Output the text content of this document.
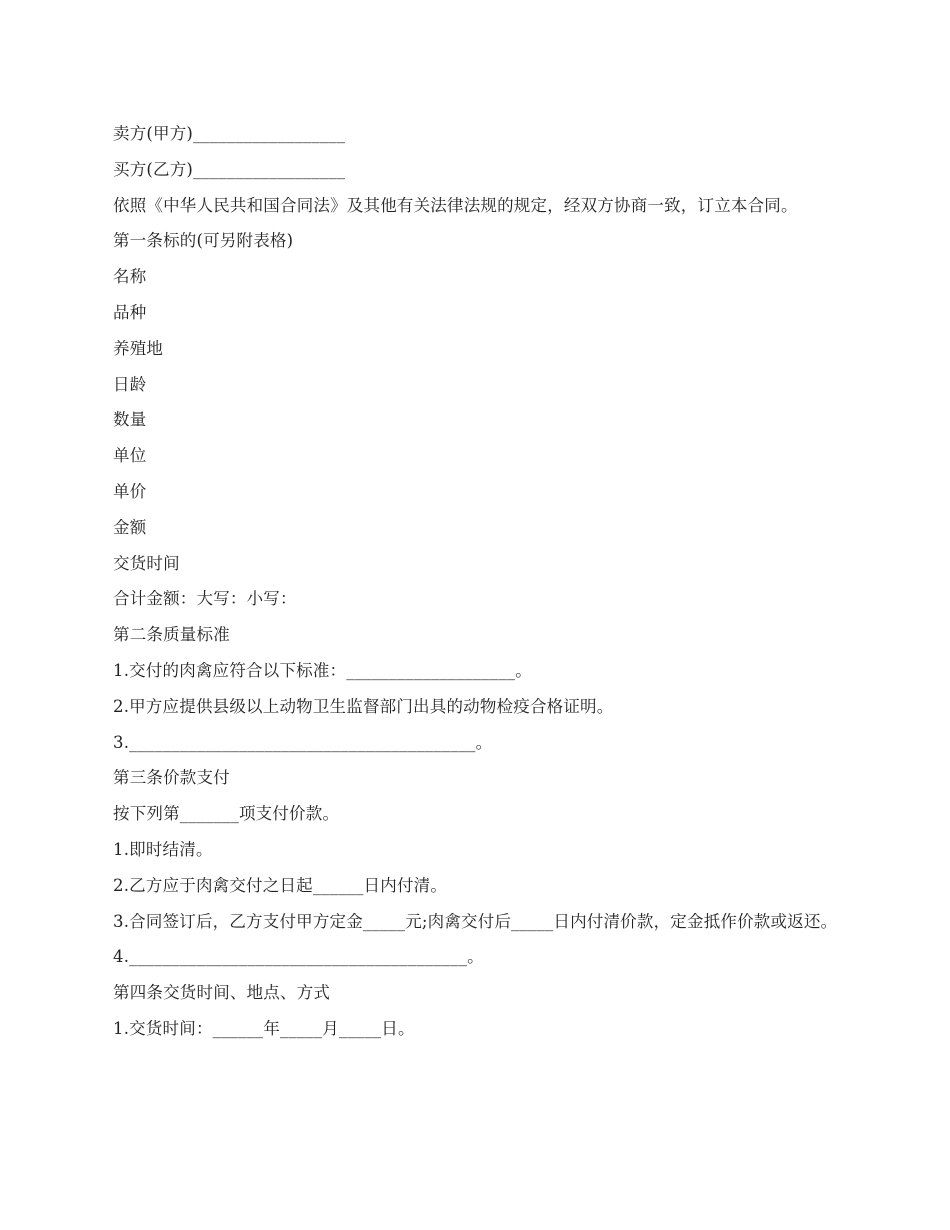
卖方(甲方)__________________

买方(乙方)__________________

依照《中华人民共和国合同法》及其他有关法律法规的规定，经双方协商一致，订立本合同。

第一条标的(可另附表格)

名称

品种

养殖地

日龄

数量

单位

单价

金额

交货时间

合计金额：大写：小写：

第二条质量标准

1.交付的肉禽应符合以下标准：____________________。

2.甲方应提供县级以上动物卫生监督部门出具的动物检疫合格证明。

3._________________________________________。

第三条价款支付

按下列第_______项支付价款。

1.即时结清。

2.乙方应于肉禽交付之日起______日内付清。

3.合同签订后，乙方支付甲方定金_____元;肉禽交付后_____日内付清价款，定金抵作价款或返还。

4.________________________________________。

第四条交货时间、地点、方式

1.交货时间：______年_____月_____日。
